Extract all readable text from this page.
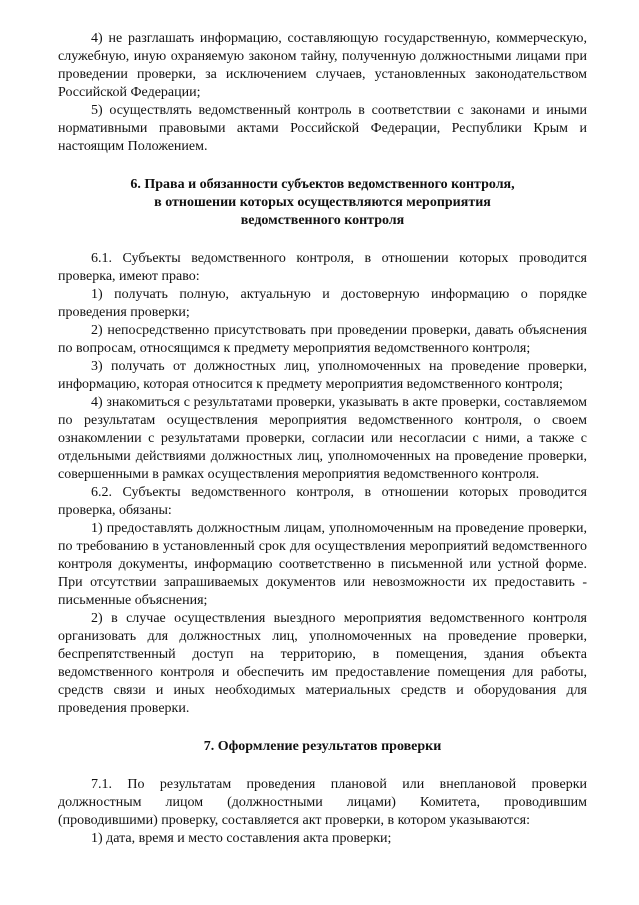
4) не разглашать информацию, составляющую государственную, коммерческую, служебную, иную охраняемую законом тайну, полученную должностными лицами при проведении проверки, за исключением случаев, установленных законодательством Российской Федерации;

5) осуществлять ведомственный контроль в соответствии с законами и иными нормативными правовыми актами Российской Федерации, Республики Крым и настоящим Положением.

6. Права и обязанности субъектов ведомственного контроля,
в отношении которых осуществляются мероприятия
ведомственного контроля

6.1. Субъекты ведомственного контроля, в отношении которых проводится проверка, имеют право:

1) получать полную, актуальную и достоверную информацию о порядке проведения проверки;

2) непосредственно присутствовать при проведении проверки, давать объяснения по вопросам, относящимся к предмету мероприятия ведомственного контроля;

3) получать от должностных лиц, уполномоченных на проведение проверки, информацию, которая относится к предмету мероприятия ведомственного контроля;

4) знакомиться с результатами проверки, указывать в акте проверки, составляемом по результатам осуществления мероприятия ведомственного контроля, о своем ознакомлении с результатами проверки, согласии или несогласии с ними, а также с отдельными действиями должностных лиц, уполномоченных на проведение проверки, совершенными в рамках осуществления мероприятия ведомственного контроля.

6.2. Субъекты ведомственного контроля, в отношении которых проводится проверка, обязаны:

1) предоставлять должностным лицам, уполномоченным на проведение проверки, по требованию в установленный срок для осуществления мероприятий ведомственного контроля документы, информацию соответственно в письменной или устной форме. При отсутствии запрашиваемых документов или невозможности их предоставить - письменные объяснения;

2) в случае осуществления выездного мероприятия ведомственного контроля организовать для должностных лиц, уполномоченных на проведение проверки, беспрепятственный доступ на территорию, в помещения, здания объекта ведомственного контроля и обеспечить им предоставление помещения для работы, средств связи и иных необходимых материальных средств и оборудования для проведения проверки.

7. Оформление результатов проверки

7.1. По результатам проведения плановой или внеплановой проверки должностным лицом (должностными лицами) Комитета, проводившим (проводившими) проверку, составляется акт проверки, в котором указываются:

1) дата, время и место составления акта проверки;
